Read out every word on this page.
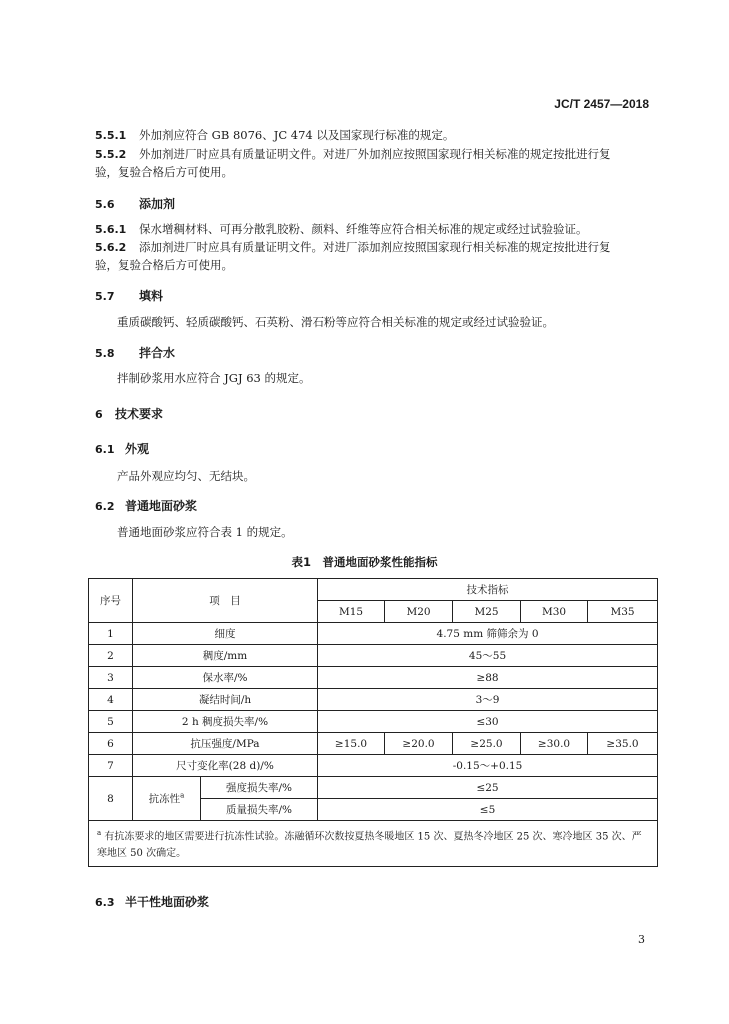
JC/T 2457—2018
5.5.1 外加剂应符合 GB 8076、JC 474 以及国家现行标准的规定。
5.5.2 外加剂进厂时应具有质量证明文件。对进厂外加剂应按照国家现行相关标准的规定按批进行复
验，复验合格后方可使用。
5.6 添加剂
5.6.1 保水增稠材料、可再分散乳胶粉、颜料、纤维等应符合相关标准的规定或经过试验验证。
5.6.2 添加剂进厂时应具有质量证明文件。对进厂添加剂应按照国家现行相关标准的规定按批进行复
验，复验合格后方可使用。
5.7 填料
重质碳酸钙、轻质碳酸钙、石英粉、滑石粉等应符合相关标准的规定或经过试验验证。
5.8 拌合水
拌制砂浆用水应符合 JGJ 63 的规定。
6 技术要求
6.1 外观
产品外观应均匀、无结块。
6.2 普通地面砂浆
普通地面砂浆应符合表 1 的规定。
表1　普通地面砂浆性能指标
序号	项　目		技术指标				
			M15	M20	M25	M30	M35
1	细度		4.75 mm 筛筛余为 0				
2	稠度/mm		45～55				
3	保水率/%		≥88				
4	凝结时间/h		3～9				
5	2 h 稠度损失率/%		≤30				
6	抗压强度/MPa		≥15.0	≥20.0	≥25.0	≥30.0	≥35.0
7	尺寸变化率(28 d)/%		-0.15～+0.15				
8	抗冻性$^a$	强度损失率/%	≤25				
		质量损失率/%	≤5				
$^a$ 有抗冻要求的地区需要进行抗冻性试验。冻融循环次数按夏热冬暖地区 15 次、夏热冬冷地区 25 次、寒冷地区 35 次、严寒地区 50 次确定。							
6.3 半干性地面砂浆
3
